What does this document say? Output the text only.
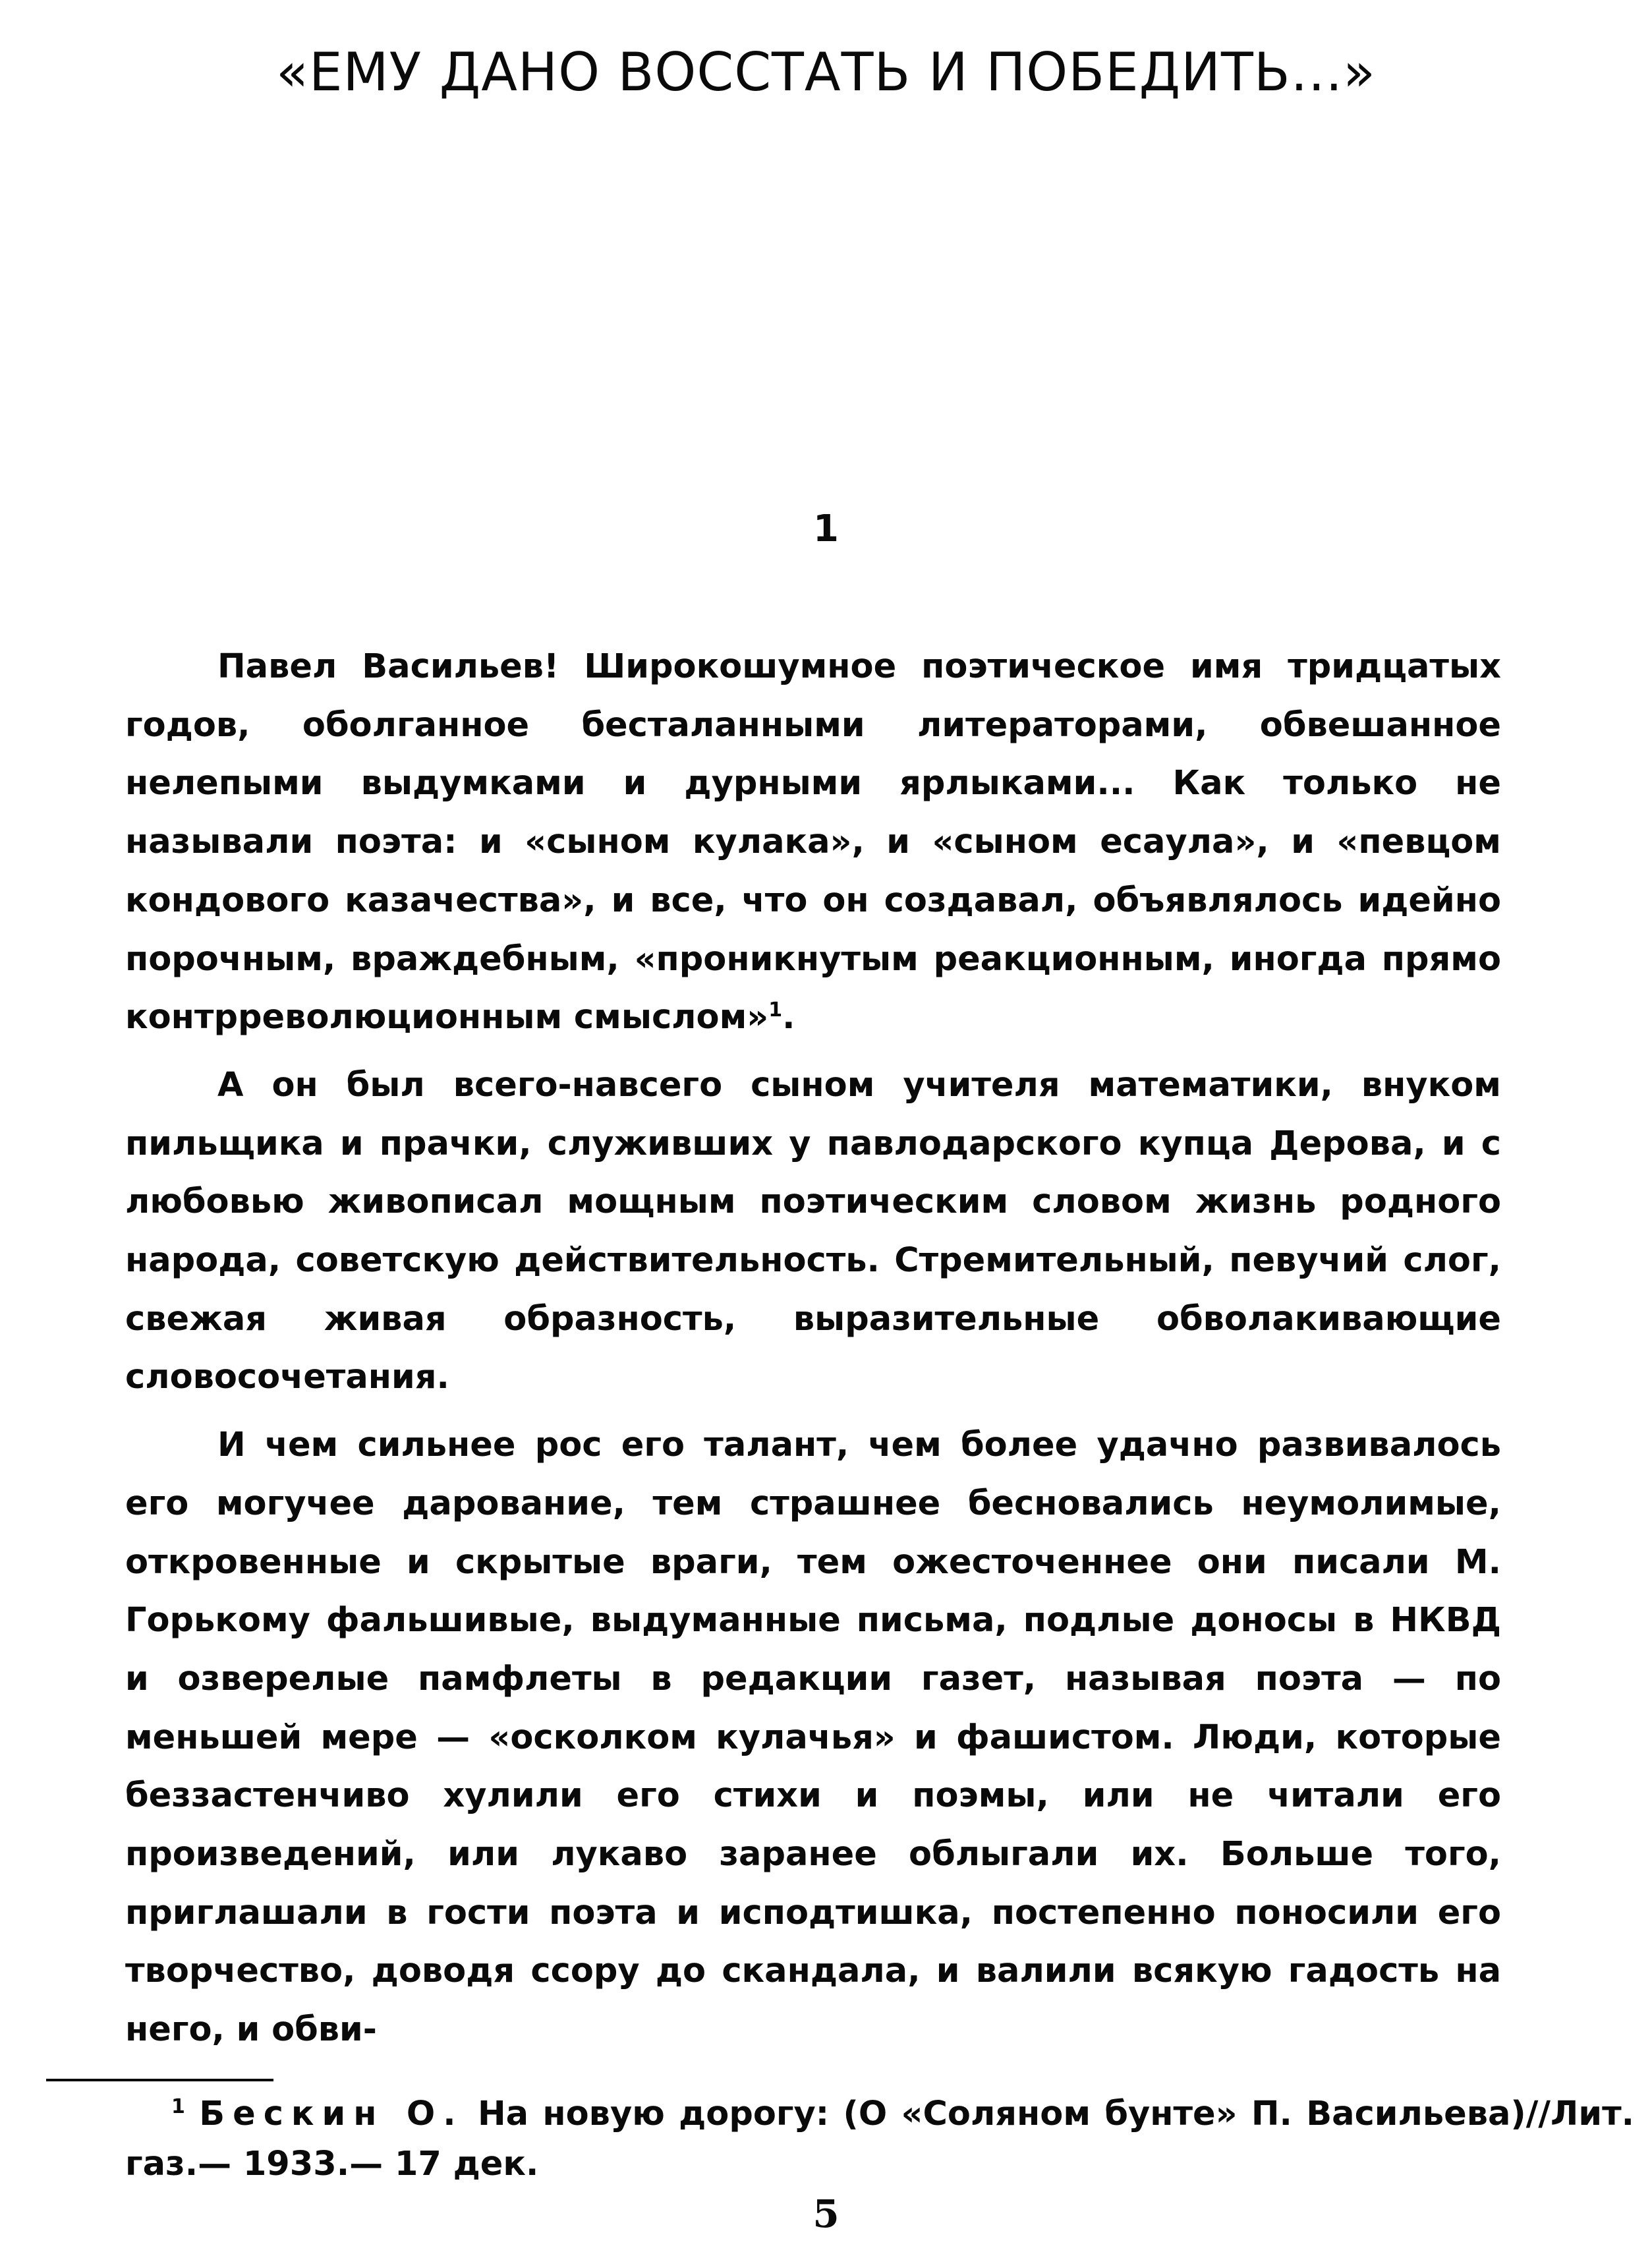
«ЕМУ ДАНО ВОССТАТЬ И ПОБЕДИТЬ...»
1

Павел Васильев! Широкошумное поэтическое имя тридцатых годов, оболганное бесталанными литераторами, обвешанное нелепыми выдумками и дурными ярлыками... Как только не называли поэта: и «сыном кулака», и «сыном есаула», и «певцом кондового казачества», и все, что он создавал, объявлялось идейно порочным, враждебным, «проникнутым реакционным, иногда прямо контрреволюционным смыслом»$^1$.

А он был всего-навсего сыном учителя математики, внуком пильщика и прачки, служивших у павлодарского купца Дерова, и с любовью живописал мощным поэтическим словом жизнь родного народа, советскую действительность. Стремительный, певучий слог, свежая живая образность, выразительные обволакивающие словосочетания.

И чем сильнее рос его талант, чем более удачно развивалось его могучее дарование, тем страшнее бесновались неумолимые, откровенные и скрытые враги, тем ожесточеннее они писали М. Горькому фальшивые, выдуманные письма, подлые доносы в НКВД и озверелые памфлеты в редакции газет, называя поэта — по меньшей мере — «осколком кулачья» и фашистом. Люди, которые беззастенчиво хулили его стихи и поэмы, или не читали его произведений, или лукаво заранее облыгали их. Больше того, приглашали в гости поэта и исподтишка, постепенно поносили его творчество, доводя ссору до скандала, и валили всякую гадость на него, и обви-

$^1$ Бескин О. На новую дорогу: (О «Соляном бунте» П. Васильева)//Лит. газ.— 1933.— 17 дек.
5
